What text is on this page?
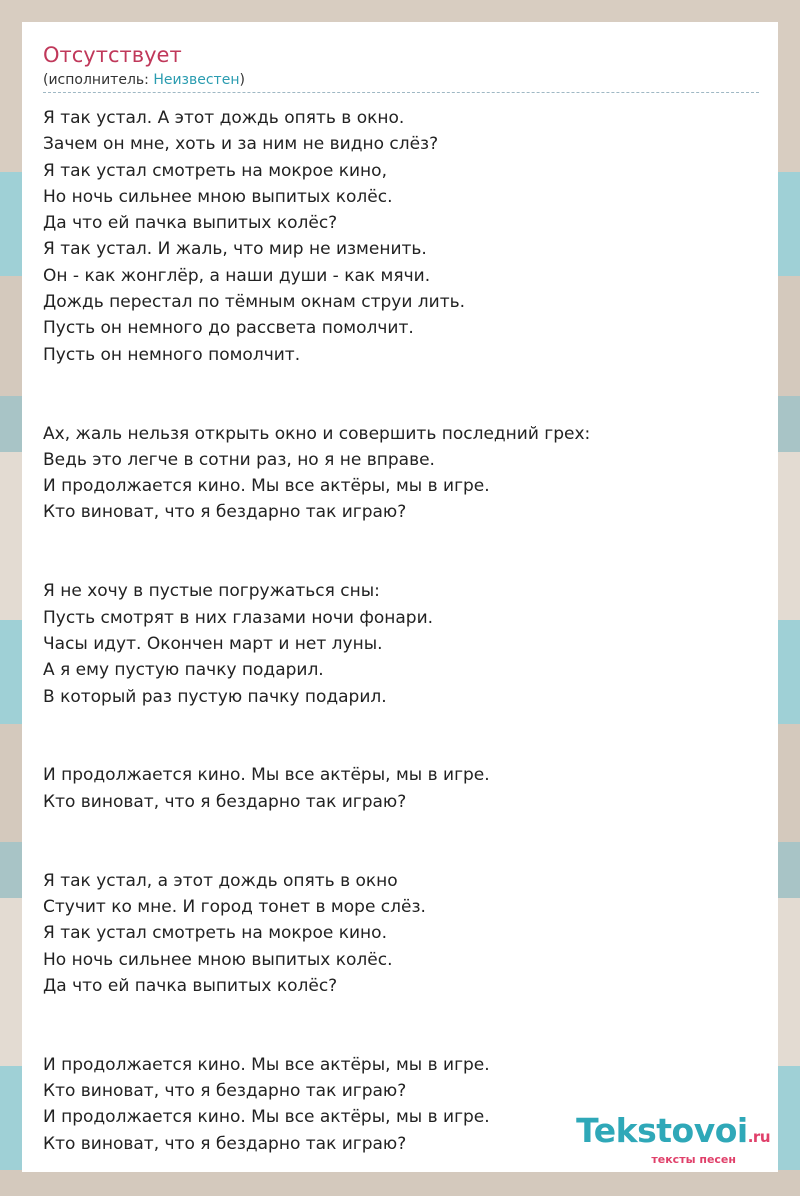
Отсутствует
(исполнитель: Неизвестен)
Я так устал. А этот дождь опять в окно.
Зачем он мне, хоть и за ним не видно слёз?
Я так устал смотреть на мокрое кино,
Но ночь сильнее мною выпитых колёс.
Да что ей пачка выпитых колёс?
Я так устал. И жаль, что мир не изменить.
Он - как жонглёр, а наши души - как мячи.
Дождь перестал по тёмным окнам струи лить.
Пусть он немного до рассвета помолчит.
Пусть он немного помолчит.
Ах, жаль нельзя открыть окно и совершить последний грех:
Ведь это легче в сотни раз, но я не вправе.
И продолжается кино. Мы все актёры, мы в игре.
Кто виноват, что я бездарно так играю?
Я не хочу в пустые погружаться сны:
Пусть смотрят в них глазами ночи фонари.
Часы идут. Окончен март и нет луны.
А я ему пустую пачку подарил.
В который раз пустую пачку подарил.
И продолжается кино. Мы все актёры, мы в игре.
Кто виноват, что я бездарно так играю?
Я так устал, а этот дождь опять в окно
Стучит ко мне. И город тонет в море слёз.
Я так устал смотреть на мокрое кино.
Но ночь сильнее мною выпитых колёс.
Да что ей пачка выпитых колёс?
И продолжается кино. Мы все актёры, мы в игре.
Кто виноват, что я бездарно так играю?
И продолжается кино. Мы все актёры, мы в игре.
Кто виноват, что я бездарно так играю?	Tekstovoi.ru
тексты песен
